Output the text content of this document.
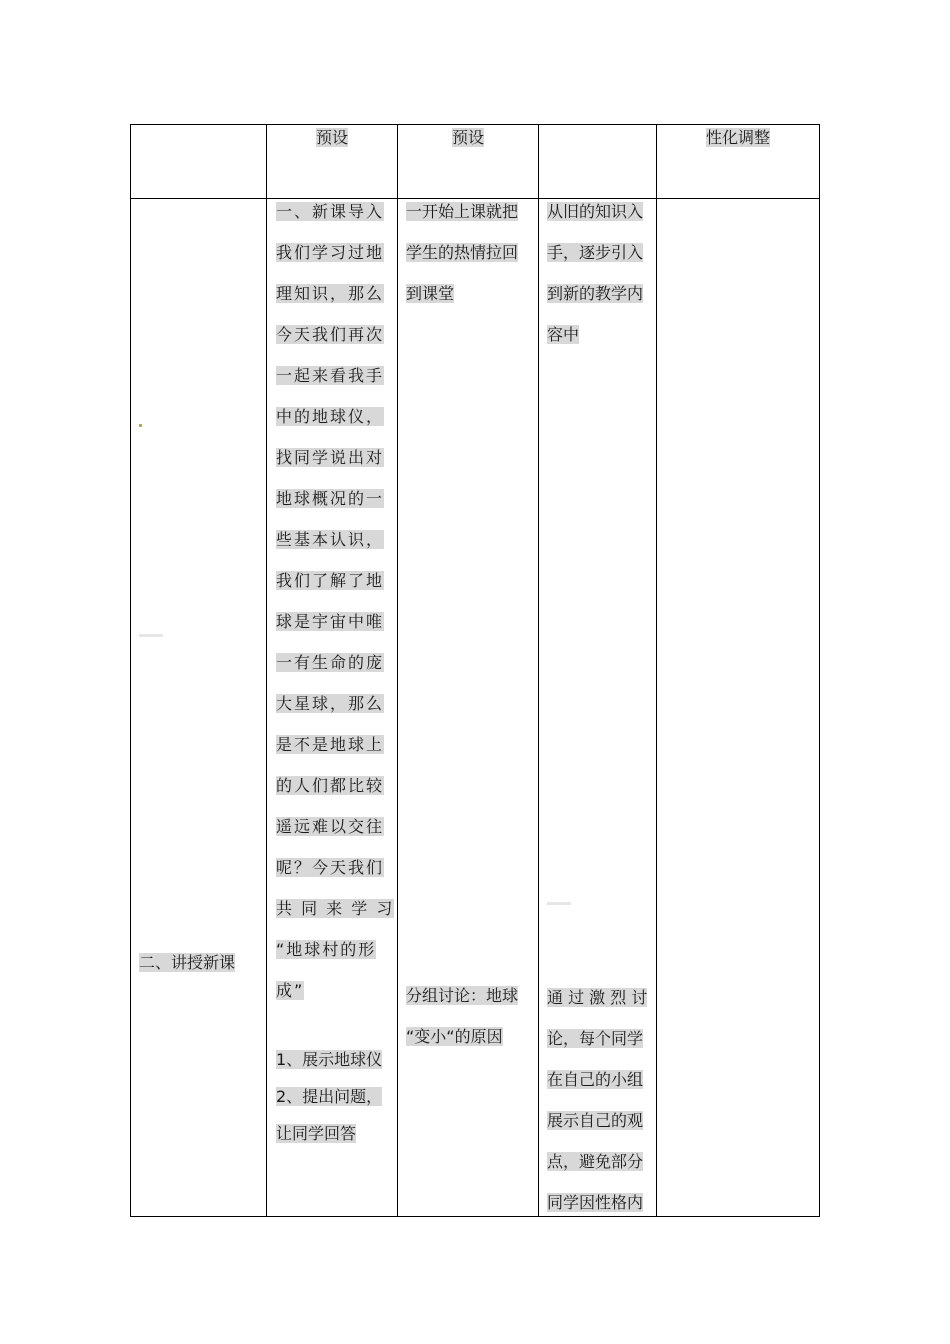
预设	预设	性化调整
二、讲授新课
一、新课导入
我们学习过地
理知识，那么
今天我们再次
一起来看我手
中的地球仪，
找同学说出对
地球概况的一
些基本认识，
我们了解了地
球是宇宙中唯
一有生命的庞
大星球，那么
是不是地球上
的人们都比较
遥远难以交往
呢？今天我们
共 同 来 学 习
“地球村的形
成”
1、展示地球仪
2、提出问题，
让同学回答
一开始上课就把
学生的热情拉回
到课堂
分组讨论：地球
“变小“的原因
从旧的知识入
手，逐步引入
到新的教学内
容中
通 过 激 烈 讨
论，每个同学
在自己的小组
展示自己的观
点，避免部分
同学因性格内
